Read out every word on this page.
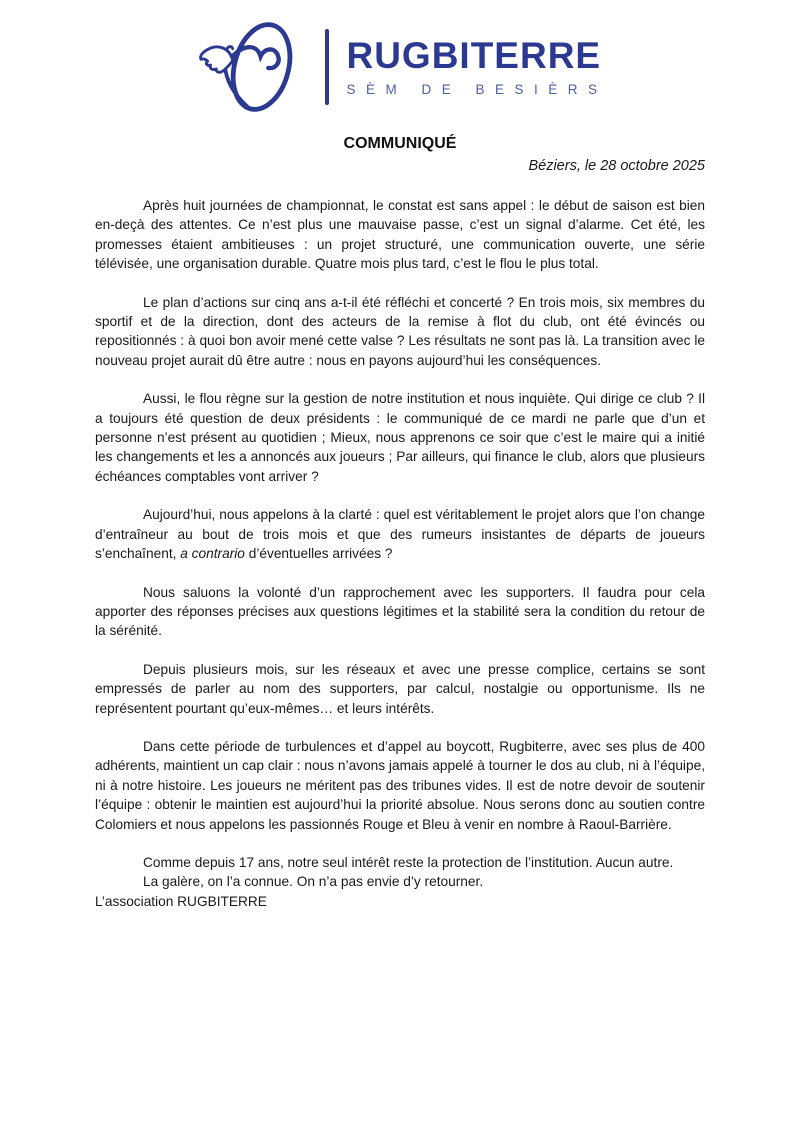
RUGBITERRE
SÈM DE BESIÈRS
COMMUNIQUÉ
Béziers, le 28 octobre 2025

Après huit journées de championnat, le constat est sans appel : le début de saison est bien en-deçà des attentes. Ce n’est plus une mauvaise passe, c’est un signal d’alarme. Cet été, les promesses étaient ambitieuses : un projet structuré, une communication ouverte, une série télévisée, une organisation durable. Quatre mois plus tard, c’est le flou le plus total.

Le plan d’actions sur cinq ans a-t-il été réfléchi et concerté ? En trois mois, six membres du sportif et de la direction, dont des acteurs de la remise à flot du club, ont été évincés ou repositionnés : à quoi bon avoir mené cette valse ? Les résultats ne sont pas là. La transition avec le nouveau projet aurait dû être autre : nous en payons aujourd’hui les conséquences.

Aussi, le flou règne sur la gestion de notre institution et nous inquiète. Qui dirige ce club ? Il a toujours été question de deux présidents : le communiqué de ce mardi ne parle que d’un et personne n’est présent au quotidien ; Mieux, nous apprenons ce soir que c’est le maire qui a initié les changements et les a annoncés aux joueurs ; Par ailleurs, qui finance le club, alors que plusieurs échéances comptables vont arriver ?

Aujourd’hui, nous appelons à la clarté : quel est véritablement le projet alors que l’on change d’entraîneur au bout de trois mois et que des rumeurs insistantes de départs de joueurs s’enchaînent, a contrario d’éventuelles arrivées ?

Nous saluons la volonté d’un rapprochement avec les supporters. Il faudra pour cela apporter des réponses précises aux questions légitimes et la stabilité sera la condition du retour de la sérénité.

Depuis plusieurs mois, sur les réseaux et avec une presse complice, certains se sont empressés de parler au nom des supporters, par calcul, nostalgie ou opportunisme. Ils ne représentent pourtant qu’eux-mêmes… et leurs intérêts.

Dans cette période de turbulences et d’appel au boycott, Rugbiterre, avec ses plus de 400 adhérents, maintient un cap clair : nous n’avons jamais appelé à tourner le dos au club, ni à l’équipe, ni à notre histoire. Les joueurs ne méritent pas des tribunes vides. Il est de notre devoir de soutenir l’équipe : obtenir le maintien est aujourd’hui la priorité absolue. Nous serons donc au soutien contre Colomiers et nous appelons les passionnés Rouge et Bleu à venir en nombre à Raoul-Barrière.

Comme depuis 17 ans, notre seul intérêt reste la protection de l’institution. Aucun autre.

La galère, on l’a connue. On n’a pas envie d’y retourner.

L’association RUGBITERRE
